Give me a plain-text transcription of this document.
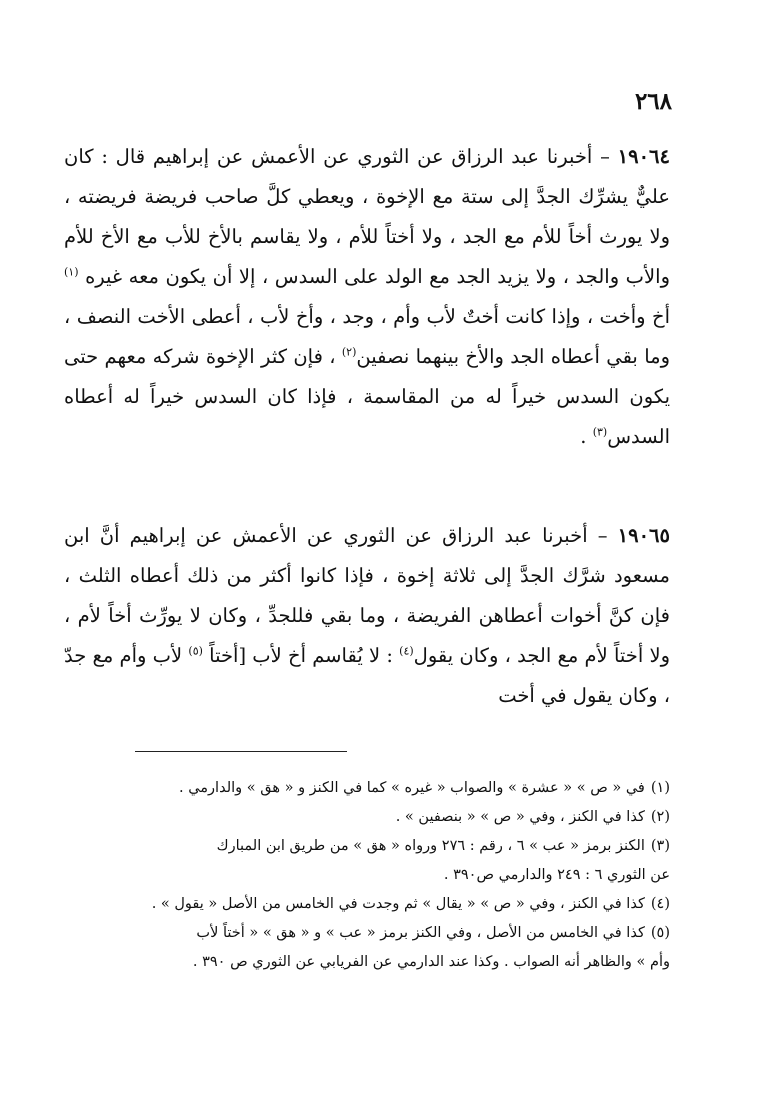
٢٦٨

١٩٠٦٤ – أخبرنا عبد الرزاق عن الثوري عن الأعمش عن إبراهيم قال : كان عليٌّ يشرِّك الجدَّ إلى ستة مع الإخوة ، ويعطي كلَّ صاحب فريضة فريضته ، ولا يورث أخاً للأم مع الجد ، ولا أختاً للأم ، ولا يقاسم بالأخ للأب مع الأخ للأم والأب والجد ، ولا يزيد الجد مع الولد على السدس ، إلا أن يكون معه غيره $^{(١)}$ أخ وأخت ، وإذا كانت أختٌ لأب وأم ، وجد ، وأخ لأب ، أعطى الأخت النصف ، وما بقي أعطاه الجد والأخ بينهما نصفين$^{(٢)}$ ، فإن كثر الإخوة شركه معهم حتى يكون السدس خيراً له من المقاسمة ، فإذا كان السدس خيراً له أعطاه السدس$^{(٣)}$ .

١٩٠٦٥ – أخبرنا عبد الرزاق عن الثوري عن الأعمش عن إبراهيم أنَّ ابن مسعود شرَّك الجدَّ إلى ثلاثة إخوة ، فإذا كانوا أكثر من ذلك أعطاه الثلث ، فإن كنَّ أخوات أعطاهن الفريضة ، وما بقي فللجدِّ ، وكان لا يورِّث أخاً لأم ، ولا أختاً لأم مع الجد ، وكان يقول$^{(٤)}$ : لا يُقاسم أخ لأب [أختاً $^{(٥)}$ لأب وأم مع جدّ ، وكان يقول في أخت

(١)في « ص » « عشرة » والصواب « غيره » كما في الكنز و « هق » والدارمي .

(٢)كذا في الكنز ، وفي « ص » « بنصفين » .

(٣)الكنز برمز « عب » ٦ ، رقم : ٢٧٦ ورواه « هق » من طريق ابن المبارك

عن الثوري ٦ : ٢٤٩ والدارمي ص٣٩٠ .

(٤)كذا في الكنز ، وفي « ص » « يقال » ثم وجدت في الخامس من الأصل « يقول » .

(٥)كذا في الخامس من الأصل ، وفي الكنز برمز « عب » و « هق » « أختاً لأب

وأم » والظاهر أنه الصواب . وكذا عند الدارمي عن الفريابي عن الثوري ص ٣٩٠ .
